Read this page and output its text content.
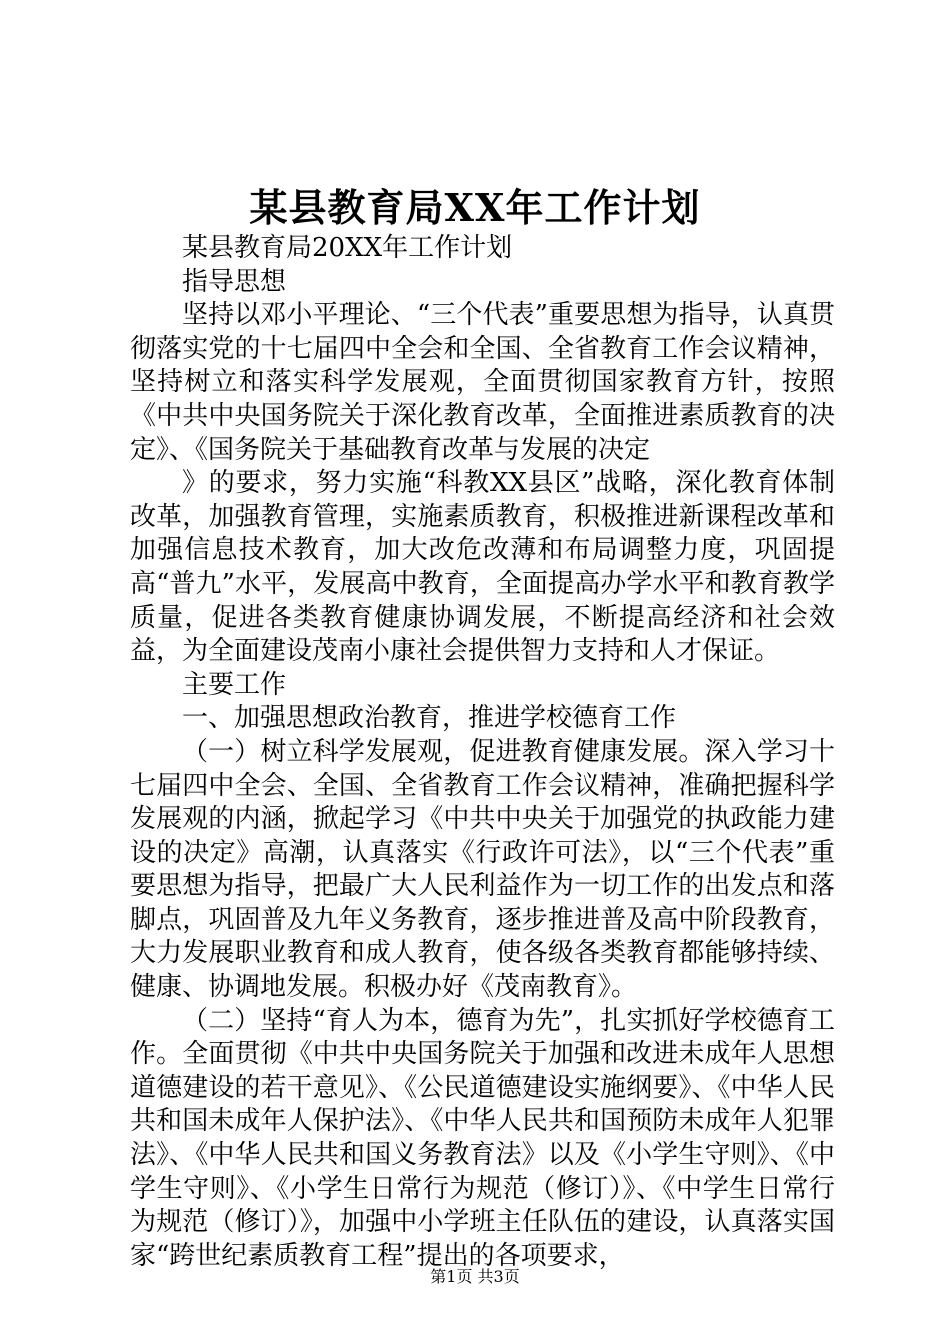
某县教育局XX年工作计划

某县教育局20XX年工作计划

指导思想

坚持以邓小平理论、“三个代表”重要思想为指导，认真贯彻落实党的十七届四中全会和全国、全省教育工作会议精神，坚持树立和落实科学发展观，全面贯彻国家教育方针，按照《中共中央国务院关于深化教育改革，全面推进素质教育的决定》、《国务院关于基础教育改革与发展的决定

》的要求，努力实施“科教XX县区”战略，深化教育体制改革，加强教育管理，实施素质教育，积极推进新课程改革和加强信息技术教育，加大改危改薄和布局调整力度，巩固提高“普九”水平，发展高中教育，全面提高办学水平和教育教学质量，促进各类教育健康协调发展，不断提高经济和社会效益，为全面建设茂南小康社会提供智力支持和人才保证。

主要工作

一、加强思想政治教育，推进学校德育工作

（一）树立科学发展观，促进教育健康发展。深入学习十七届四中全会、全国、全省教育工作会议精神，准确把握科学发展观的内涵，掀起学习《中共中央关于加强党的执政能力建设的决定》高潮，认真落实《行政许可法》，以“三个代表”重要思想为指导，把最广大人民利益作为一切工作的出发点和落脚点，巩固普及九年义务教育，逐步推进普及高中阶段教育，大力发展职业教育和成人教育，使各级各类教育都能够持续、健康、协调地发展。积极办好《茂南教育》。

（二）坚持“育人为本，德育为先”，扎实抓好学校德育工作。全面贯彻《中共中央国务院关于加强和改进未成年人思想道德建设的若干意见》、《公民道德建设实施纲要》、《中华人民共和国未成年人保护法》、《中华人民共和国预防未成年人犯罪法》、《中华人民共和国义务教育法》以及《小学生守则》、《中学生守则》、《小学生日常行为规范（修订）》、《中学生日常行为规范（修订）》，加强中小学班主任队伍的建设，认真落实国家“跨世纪素质教育工程”提出的各项要求，

第1页 共3页
